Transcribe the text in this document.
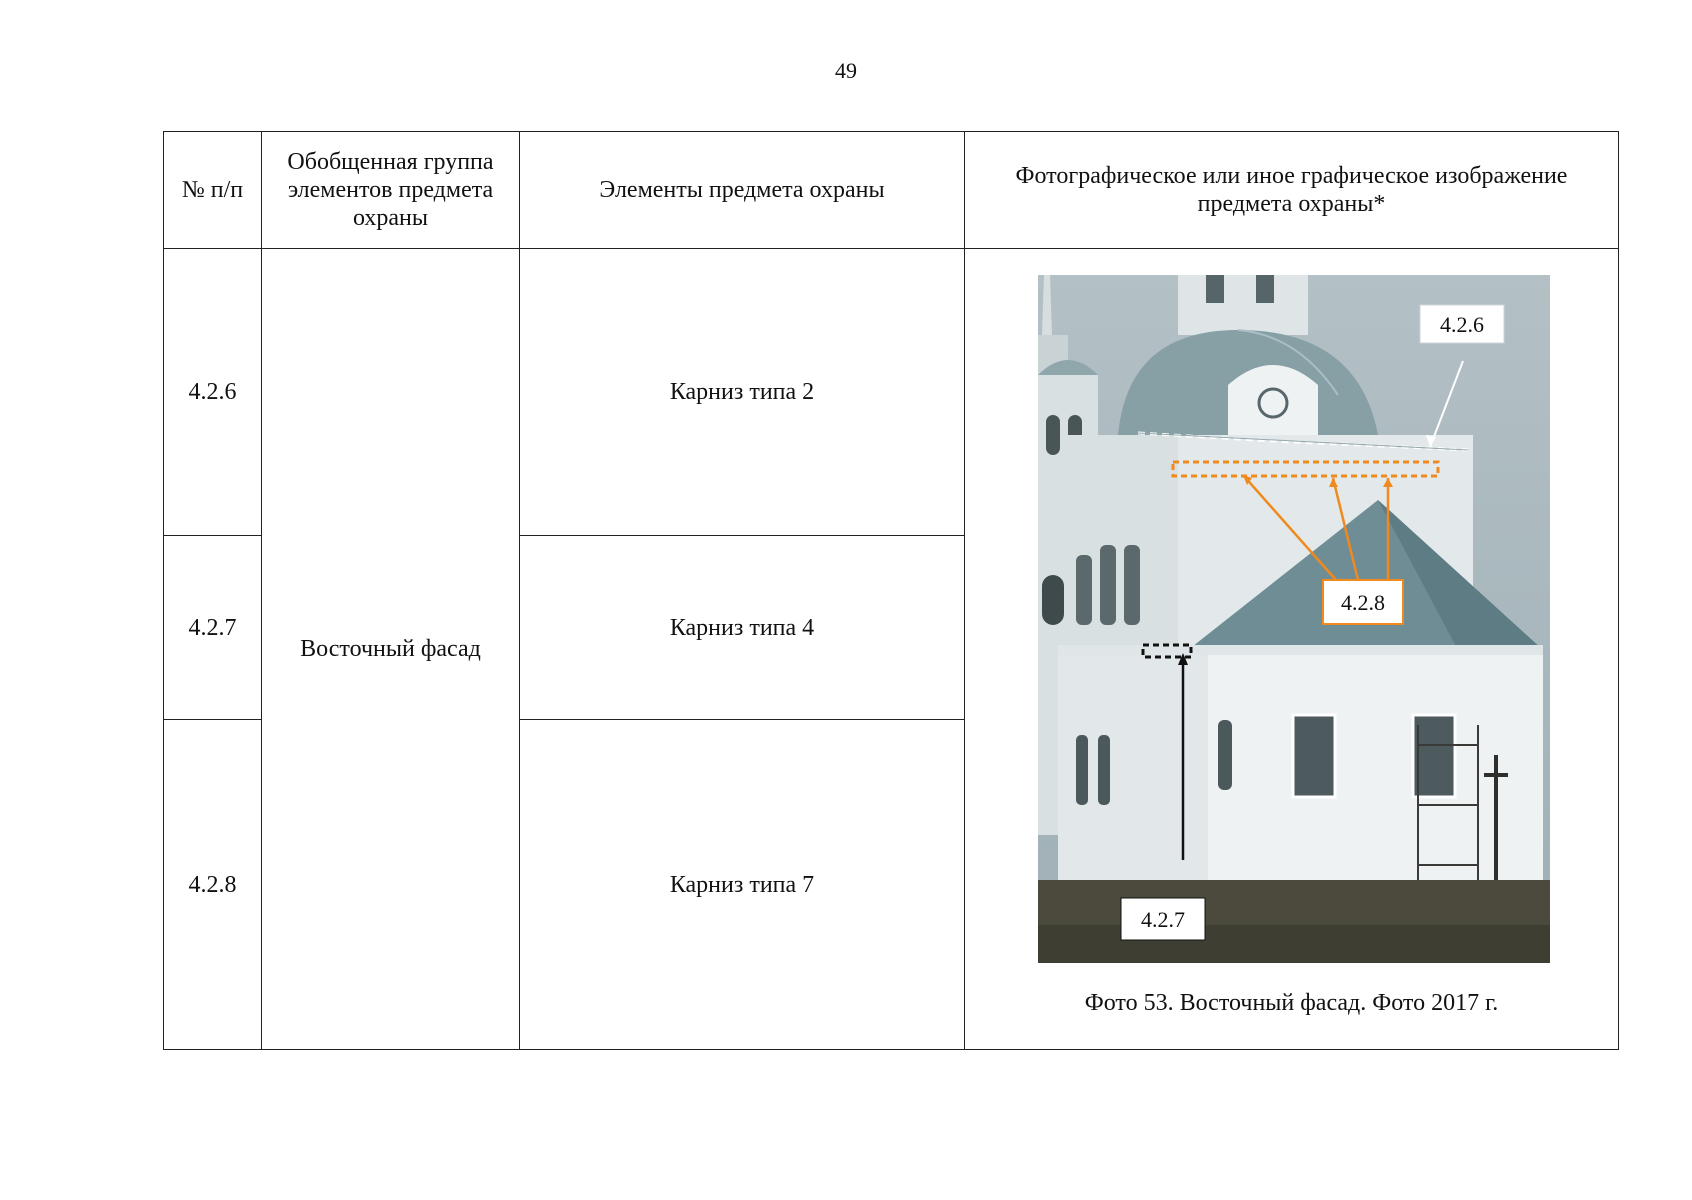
49
№ п/п	Обобщенная группа элементов предмета охраны	Элементы предмета охраны	Фотографическое или иное графическое изображение предмета охраны*
4.2.6	Восточный фасад	Карниз типа 2	4.2.6
4.2.8
4.2.7
Фото 53. Восточный фасад. Фото 2017 г.

4.2.7		Карниз типа 4	
4.2.8		Карниз типа 7	
